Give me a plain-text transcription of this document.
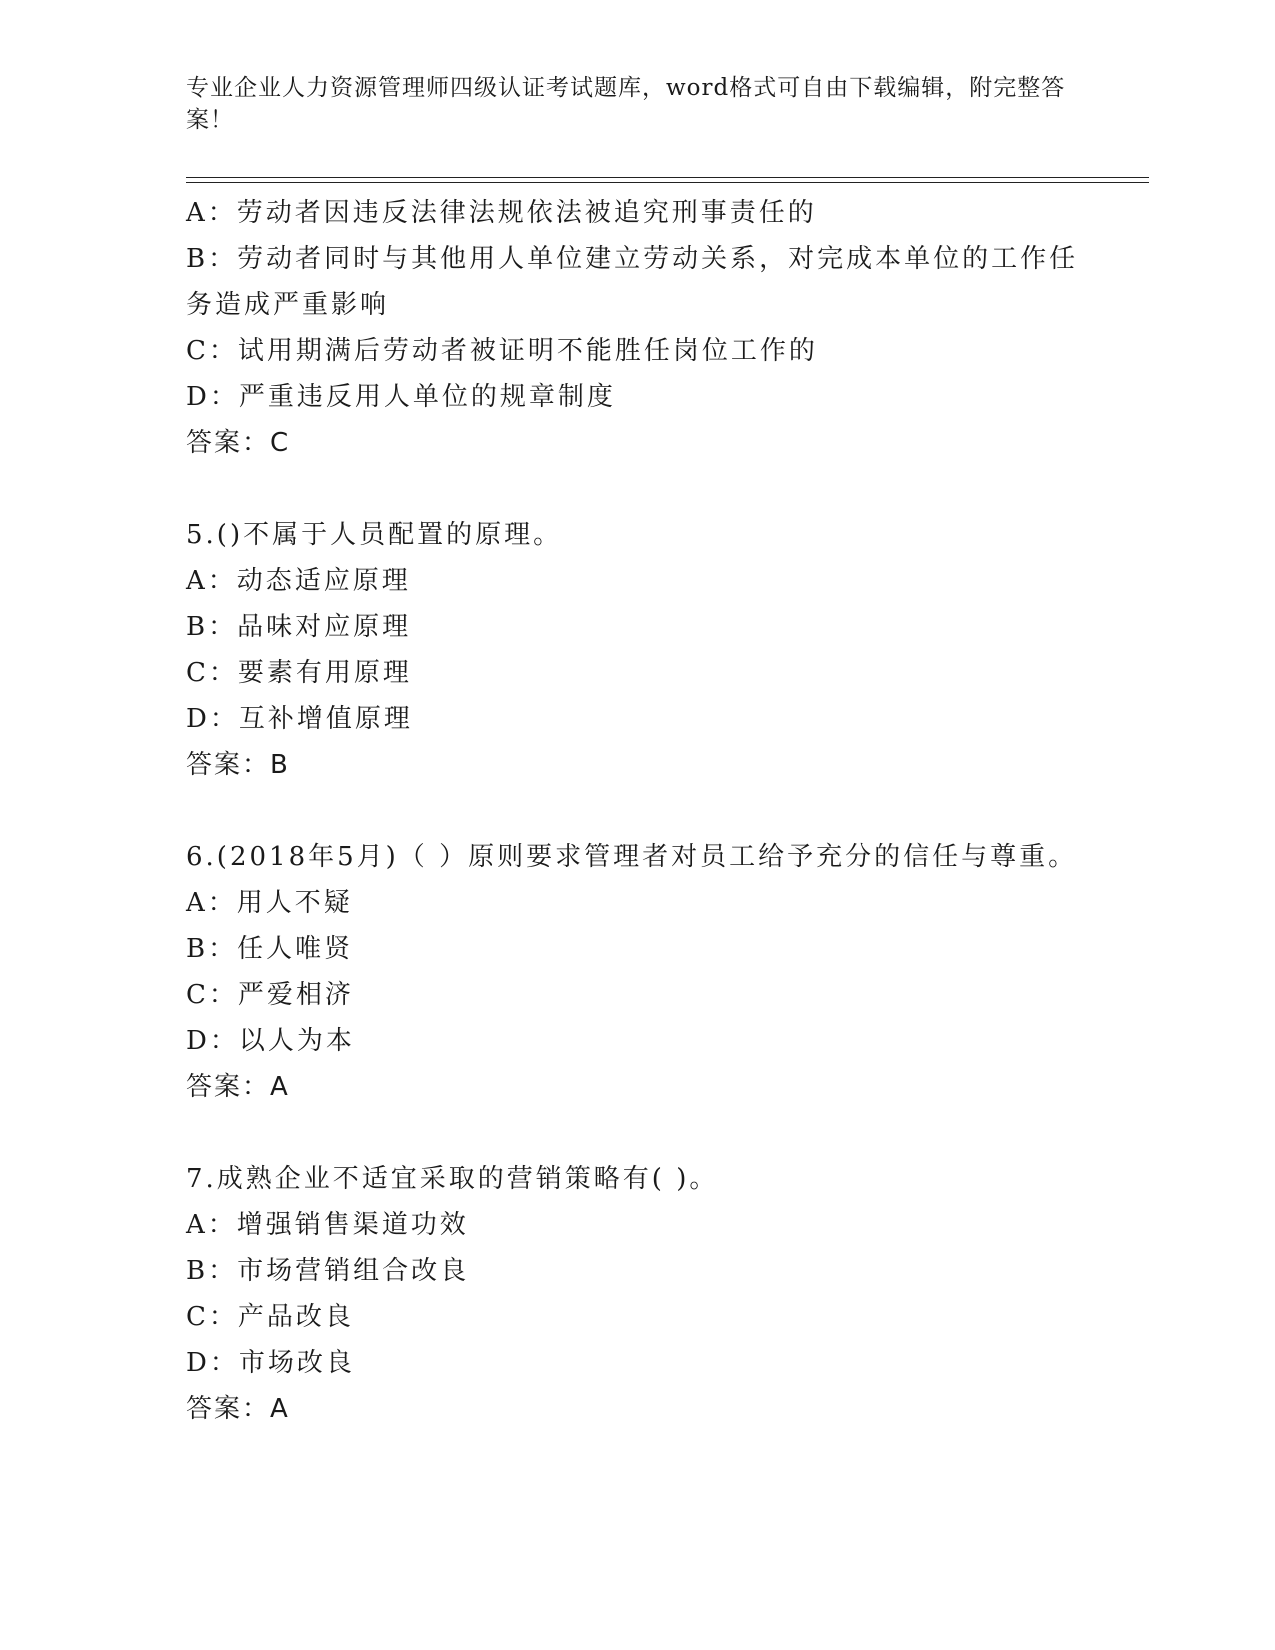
专业企业人力资源管理师四级认证考试题库，word格式可自由下载编辑，附完整答案！
A：劳动者因违反法律法规依法被追究刑事责任的
B：劳动者同时与其他用人单位建立劳动关系，对完成本单位的工作任务造成严重影响
C：试用期满后劳动者被证明不能胜任岗位工作的
D：严重违反用人单位的规章制度
答案：C
5.()不属于人员配置的原理。
A：动态适应原理
B：品味对应原理
C：要素有用原理
D：互补增值原理
答案：B
6.(2018年5月)（ ）原则要求管理者对员工给予充分的信任与尊重。
A：用人不疑
B：任人唯贤
C：严爱相济
D：以人为本
答案：A
7.成熟企业不适宜采取的营销策略有( )。
A：增强销售渠道功效
B：市场营销组合改良
C：产品改良
D：市场改良
答案：A
